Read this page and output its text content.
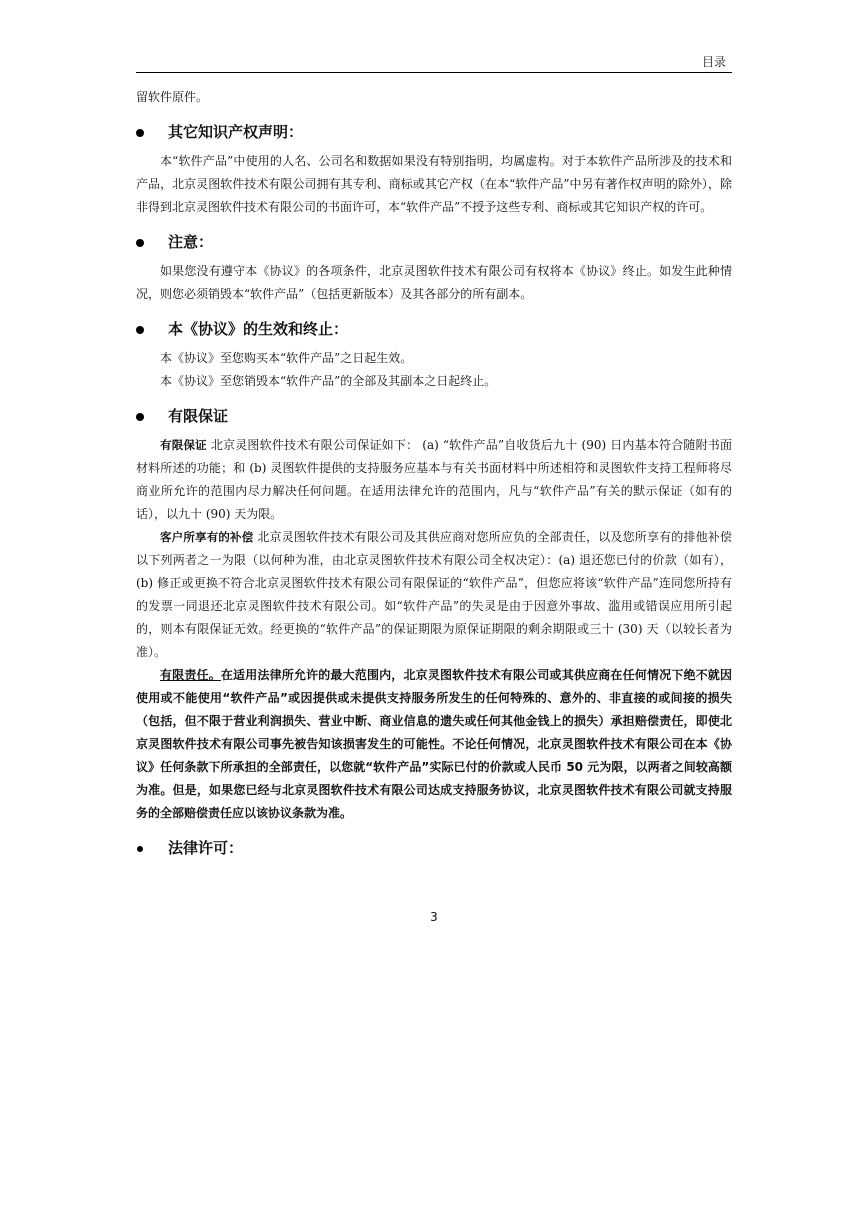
目录

留软件原件。

其它知识产权声明：

本“软件产品”中使用的人名、公司名和数据如果没有特别指明，均属虚构。对于本软件产品所涉及的技术和产品，北京灵图软件技术有限公司拥有其专利、商标或其它产权（在本“软件产品”中另有著作权声明的除外），除非得到北京灵图软件技术有限公司的书面许可，本“软件产品”不授予这些专利、商标或其它知识产权的许可。

注意：

如果您没有遵守本《协议》的各项条件，北京灵图软件技术有限公司有权将本《协议》终止。如发生此种情况，则您必须销毁本“软件产品”（包括更新版本）及其各部分的所有副本。

本《协议》的生效和终止：

本《协议》至您购买本“软件产品”之日起生效。

本《协议》至您销毁本“软件产品”的全部及其副本之日起终止。

有限保证

有限保证 北京灵图软件技术有限公司保证如下： (a) “软件产品”自收货后九十 (90) 日内基本符合随附书面材料所述的功能；和 (b) 灵图软件提供的支持服务应基本与有关书面材料中所述相符和灵图软件支持工程师将尽商业所允许的范围内尽力解决任何问题。在适用法律允许的范围内，凡与“软件产品”有关的默示保证（如有的话），以九十 (90) 天为限。

客户所享有的补偿 北京灵图软件技术有限公司及其供应商对您所应负的全部责任，以及您所享有的排他补偿以下列两者之一为限（以何种为准，由北京灵图软件技术有限公司全权决定）：(a) 退还您已付的价款（如有），(b) 修正或更换不符合北京灵图软件技术有限公司有限保证的“软件产品”，但您应将该“软件产品”连同您所持有的发票一同退还北京灵图软件技术有限公司。如“软件产品”的失灵是由于因意外事故、滥用或错误应用所引起的，则本有限保证无效。经更换的“软件产品”的保证期限为原保证期限的剩余期限或三十 (30) 天（以较长者为准）。

有限责任。在适用法律所允许的最大范围内，北京灵图软件技术有限公司或其供应商在任何情况下绝不就因使用或不能使用“软件产品”或因提供或未提供支持服务所发生的任何特殊的、意外的、非直接的或间接的损失（包括，但不限于营业利润损失、营业中断、商业信息的遗失或任何其他金钱上的损失）承担赔偿责任，即使北京灵图软件技术有限公司事先被告知该损害发生的可能性。不论任何情况，北京灵图软件技术有限公司在本《协议》任何条款下所承担的全部责任，以您就“软件产品”实际已付的价款或人民币 50 元为限，以两者之间较高额为准。但是，如果您已经与北京灵图软件技术有限公司达成支持服务协议，北京灵图软件技术有限公司就支持服务的全部赔偿责任应以该协议条款为准。

法律许可：
3
